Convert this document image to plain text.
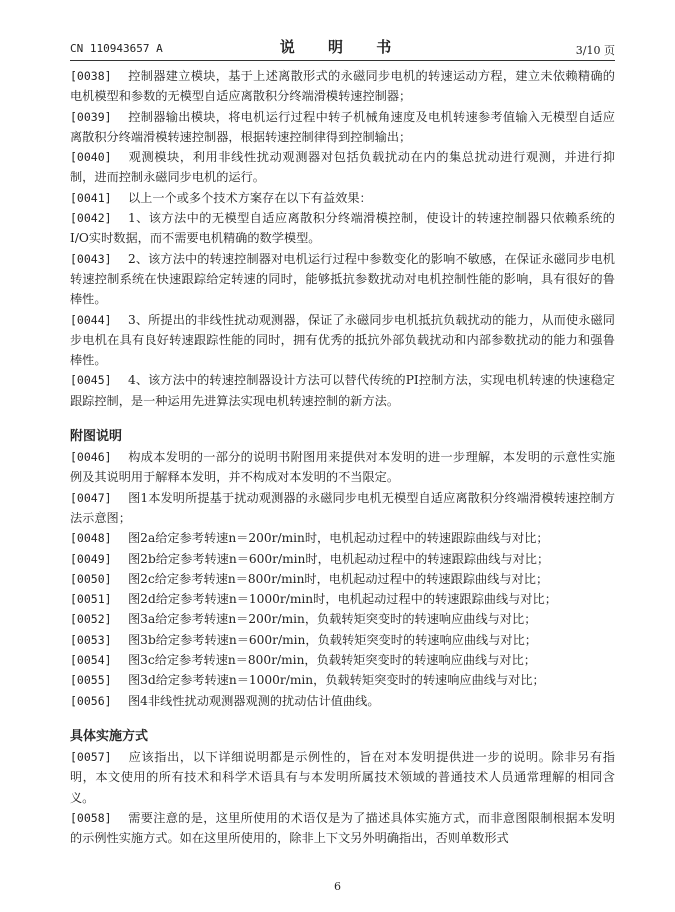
CN 110943657 A	说 明 书	3/10 页

[0038] 控制器建立模块，基于上述离散形式的永磁同步电机的转速运动方程，建立未依赖精确的电机模型和参数的无模型自适应离散积分终端滑模转速控制器；

[0039] 控制器输出模块，将电机运行过程中转子机械角速度及电机转速参考值输入无模型自适应离散积分终端滑模转速控制器，根据转速控制律得到控制输出；

[0040] 观测模块，利用非线性扰动观测器对包括负载扰动在内的集总扰动进行观测，并进行抑制，进而控制永磁同步电机的运行。

[0041] 以上一个或多个技术方案存在以下有益效果：

[0042] 1、该方法中的无模型自适应离散积分终端滑模控制，使设计的转速控制器只依赖系统的I/O实时数据，而不需要电机精确的数学模型。

[0043] 2、该方法中的转速控制器对电机运行过程中参数变化的影响不敏感，在保证永磁同步电机转速控制系统在快速跟踪给定转速的同时，能够抵抗参数扰动对电机控制性能的影响，具有很好的鲁棒性。

[0044] 3、所提出的非线性扰动观测器，保证了永磁同步电机抵抗负载扰动的能力，从而使永磁同步电机在具有良好转速跟踪性能的同时，拥有优秀的抵抗外部负载扰动和内部参数扰动的能力和强鲁棒性。

[0045] 4、该方法中的转速控制器设计方法可以替代传统的PI控制方法，实现电机转速的快速稳定跟踪控制，是一种运用先进算法实现电机转速控制的新方法。

附图说明

[0046] 构成本发明的一部分的说明书附图用来提供对本发明的进一步理解，本发明的示意性实施例及其说明用于解释本发明，并不构成对本发明的不当限定。

[0047] 图1本发明所提基于扰动观测器的永磁同步电机无模型自适应离散积分终端滑模转速控制方法示意图；

[0048] 图2a给定参考转速n＝200r/min时，电机起动过程中的转速跟踪曲线与对比；

[0049] 图2b给定参考转速n＝600r/min时，电机起动过程中的转速跟踪曲线与对比；

[0050] 图2c给定参考转速n＝800r/min时，电机起动过程中的转速跟踪曲线与对比；

[0051] 图2d给定参考转速n＝1000r/min时，电机起动过程中的转速跟踪曲线与对比；

[0052] 图3a给定参考转速n＝200r/min，负载转矩突变时的转速响应曲线与对比；

[0053] 图3b给定参考转速n＝600r/min，负载转矩突变时的转速响应曲线与对比；

[0054] 图3c给定参考转速n＝800r/min，负载转矩突变时的转速响应曲线与对比；

[0055] 图3d给定参考转速n＝1000r/min，负载转矩突变时的转速响应曲线与对比；

[0056] 图4非线性扰动观测器观测的扰动估计值曲线。

具体实施方式

[0057] 应该指出，以下详细说明都是示例性的，旨在对本发明提供进一步的说明。除非另有指明，本文使用的所有技术和科学术语具有与本发明所属技术领域的普通技术人员通常理解的相同含义。

[0058] 需要注意的是，这里所使用的术语仅是为了描述具体实施方式，而非意图限制根据本发明的示例性实施方式。如在这里所使用的，除非上下文另外明确指出，否则单数形式

6
